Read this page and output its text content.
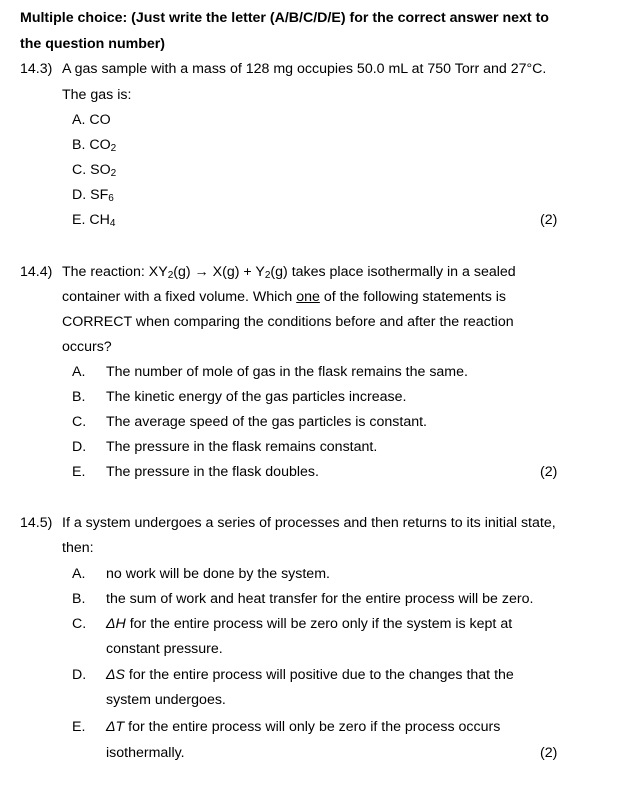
Multiple choice: (Just write the letter (A/B/C/D/E) for the correct answer next to
the question number)
14.3) A gas sample with a mass of 128 mg occupies 50.0 mL at 750 Torr and 27°C.
The gas is:
A. CO
B. $CO_2$
C. $SO_2$
D. $SF_6$
E. $CH_4$	(2)
14.4) The reaction: $XY_2(g) \to X(g) + Y_2(g)$ takes place isothermally in a sealed
container with a fixed volume. Which one of the following statements is
CORRECT when comparing the conditions before and after the reaction
occurs?
A. The number of mole of gas in the flask remains the same.
B. The kinetic energy of the gas particles increase.
C. The average speed of the gas particles is constant.
D. The pressure in the flask remains constant.
E. The pressure in the flask doubles.	(2)
14.5) If a system undergoes a series of processes and then returns to its initial state,
then:
A. no work will be done by the system.
B. the sum of work and heat transfer for the entire process will be zero.
C. ΔH for the entire process will be zero only if the system is kept at
constant pressure.
D. ΔS for the entire process will positive due to the changes that the
system undergoes.
E. ΔT for the entire process will only be zero if the process occurs
isothermally.	(2)
